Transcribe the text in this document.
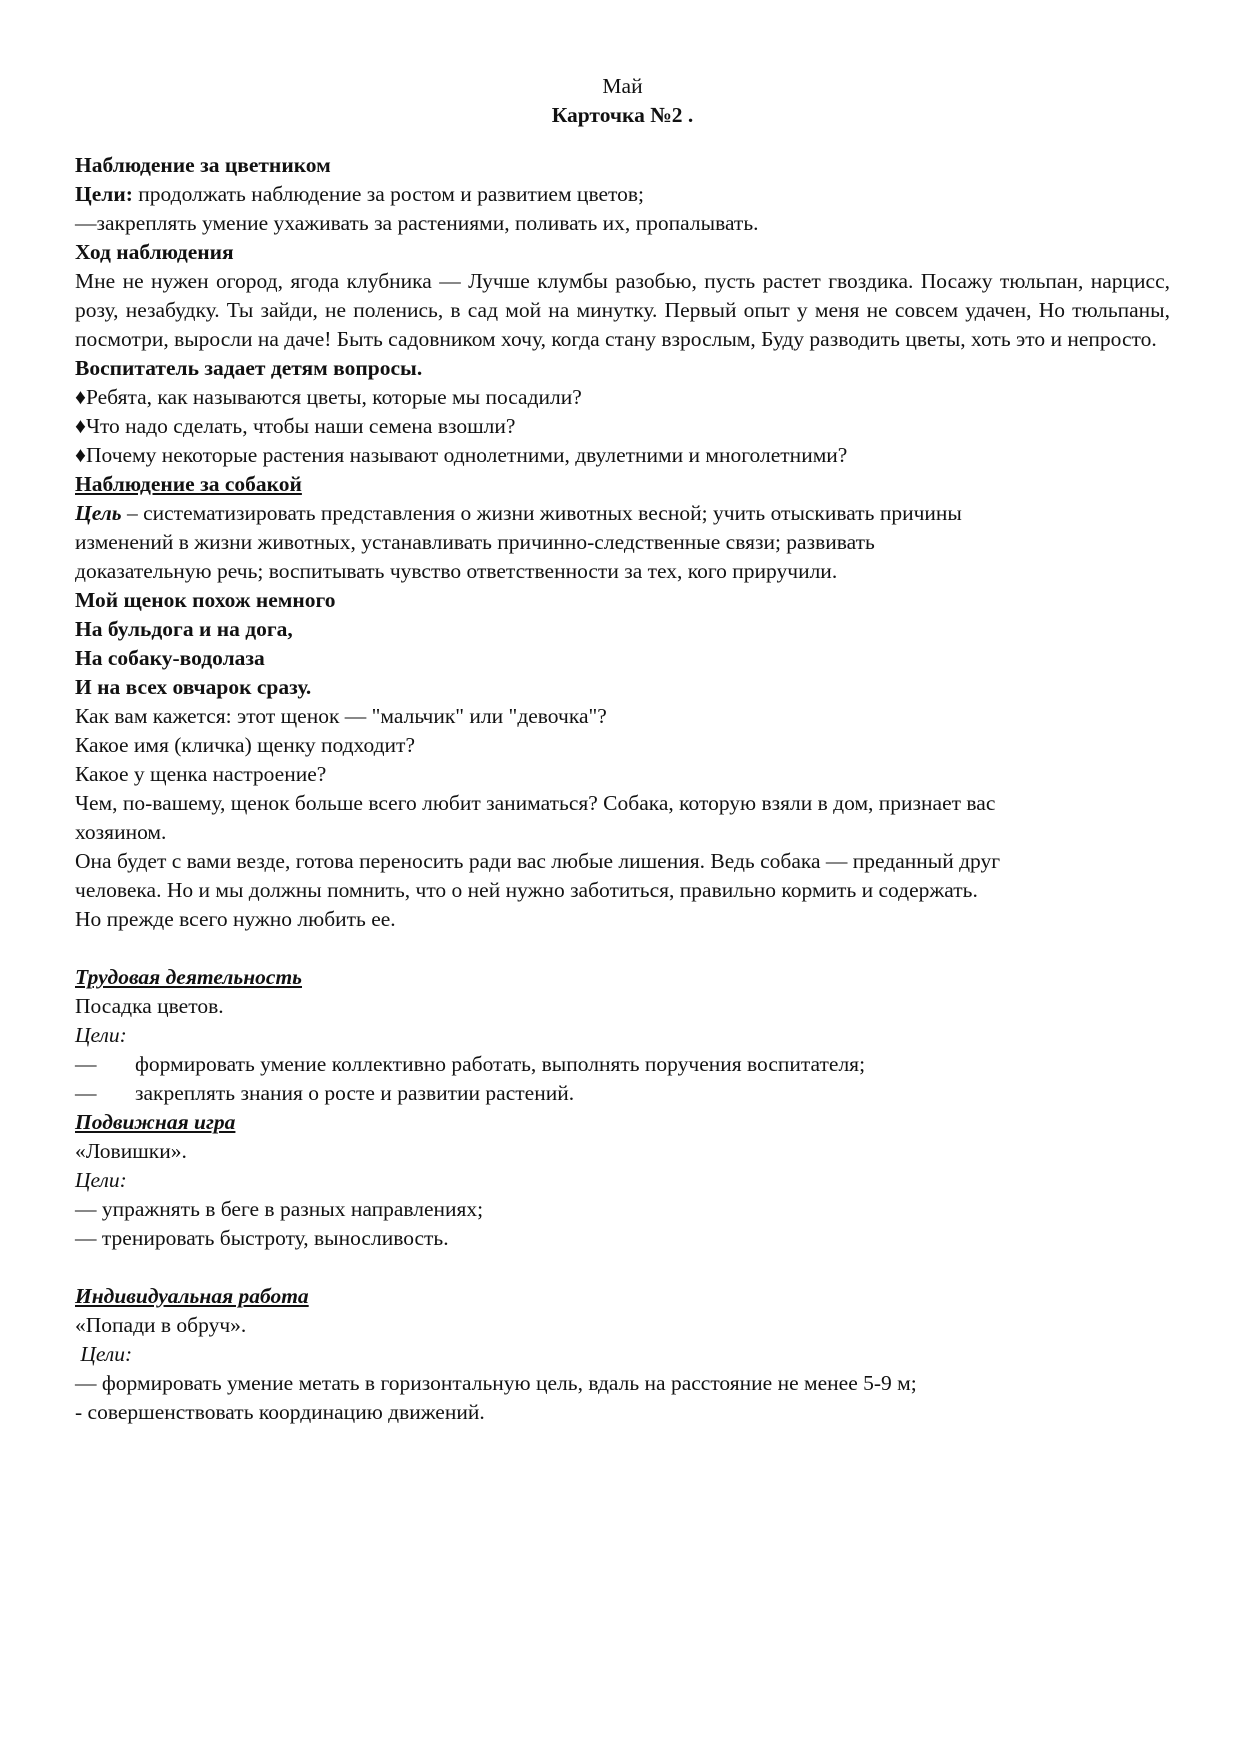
Май
Карточка №2 .
Наблюдение за цветником
Цели: продолжать наблюдение за ростом и развитием цветов;
—закреплять умение ухаживать за растениями, поливать их, пропалывать.
Ход наблюдения
Мне не нужен огород, ягода клубника — Лучше клумбы разобью, пусть растет гвоздика. Посажу тюльпан, нарцисс, розу, незабудку. Ты зайди, не поленись, в сад мой на минутку. Первый опыт у меня не совсем удачен, Но тюльпаны, посмотри, выросли на даче! Быть садовником хочу, когда стану взрослым, Буду разводить цветы, хоть это и непросто.
Воспитатель задает детям вопросы.
♦Ребята, как называются цветы, которые мы посадили?
♦Что надо сделать, чтобы наши семена взошли?
♦Почему некоторые растения называют однолетними, двулетними и многолетними?
Наблюдение за собакой
Цель – систематизировать представления о жизни животных весной; учить отыскивать причины
изменений в жизни животных, устанавливать причинно-следственные связи; развивать
доказательную речь; воспитывать чувство ответственности за тех, кого приручили.
Мой щенок похож немного
На бульдога и на дога,
На собаку-водолаза
И на всех овчарок сразу.
Как вам кажется: этот щенок — "мальчик" или "девочка"?
Какое имя (кличка) щенку подходит?
Какое у щенка настроение?
Чем, по-вашему, щенок больше всего любит заниматься? Собака, которую взяли в дом, признает вас
хозяином.
Она будет с вами везде, готова переносить ради вас любые лишения. Ведь собака — преданный друг
человека. Но и мы должны помнить, что о ней нужно заботиться, правильно кормить и содержать.
Но прежде всего нужно любить ее.
Трудовая деятельность
Посадка цветов.
Цели:
— формировать умение коллективно работать, выполнять поручения воспитателя;
— закреплять знания о росте и развитии растений.
Подвижная игра
«Ловишки».
Цели:
— упражнять в беге в разных направлениях;
— тренировать быстроту, выносливость.
Индивидуальная работа
«Попади в обруч».
Цели:
— формировать умение метать в горизонтальную цель, вдаль на расстояние не менее 5-9 м;
- совершенствовать координацию движений.
